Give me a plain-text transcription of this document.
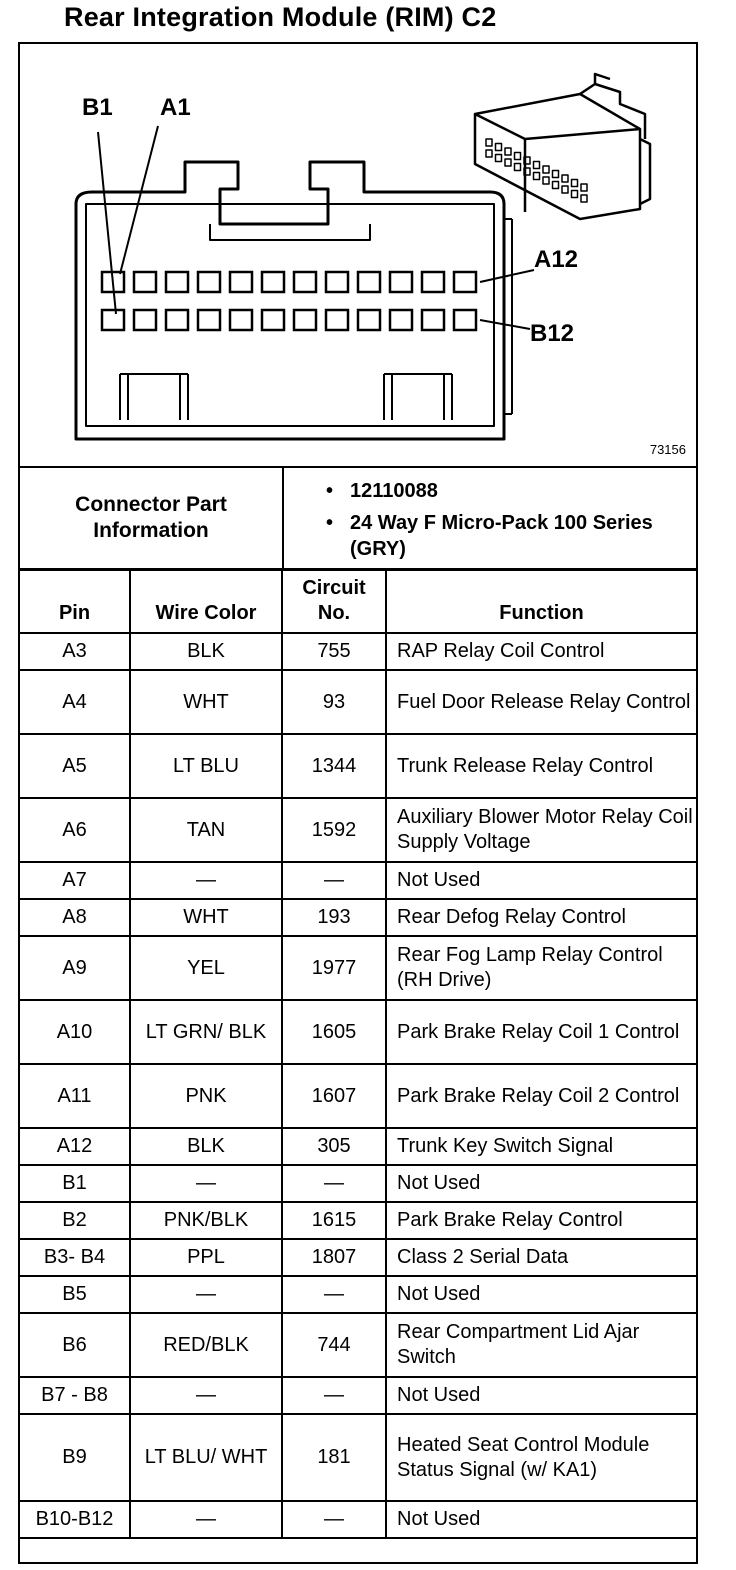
Rear Integration Module (RIM) C2
B1 A1
A12
B12
73156
Connector Part Information
• 12110088
• 24 Way F Micro-Pack 100 Series (GRY)
Pin	Wire Color	Circuit No.	Function
A3	BLK	755	RAP Relay Coil Control
A4	WHT	93	Fuel Door Release Relay Control
A5	LT BLU	1344	Trunk Release Relay Control
A6	TAN	1592	Auxiliary Blower Motor Relay Coil Supply Voltage
A7	—	—	Not Used
A8	WHT	193	Rear Defog Relay Control
A9	YEL	1977	Rear Fog Lamp Relay Control (RH Drive)
A10	LT GRN/ BLK	1605	Park Brake Relay Coil 1 Control
A11	PNK	1607	Park Brake Relay Coil 2 Control
A12	BLK	305	Trunk Key Switch Signal
B1	—	—	Not Used
B2	PNK/BLK	1615	Park Brake Relay Control
B3- B4	PPL	1807	Class 2 Serial Data
B5	—	—	Not Used
B6	RED/BLK	744	Rear Compartment Lid Ajar Switch
B7 - B8	—	—	Not Used
B9	LT BLU/ WHT	181	Heated Seat Control Module Status Signal (w/ KA1)
B10-B12	—	—	Not Used
